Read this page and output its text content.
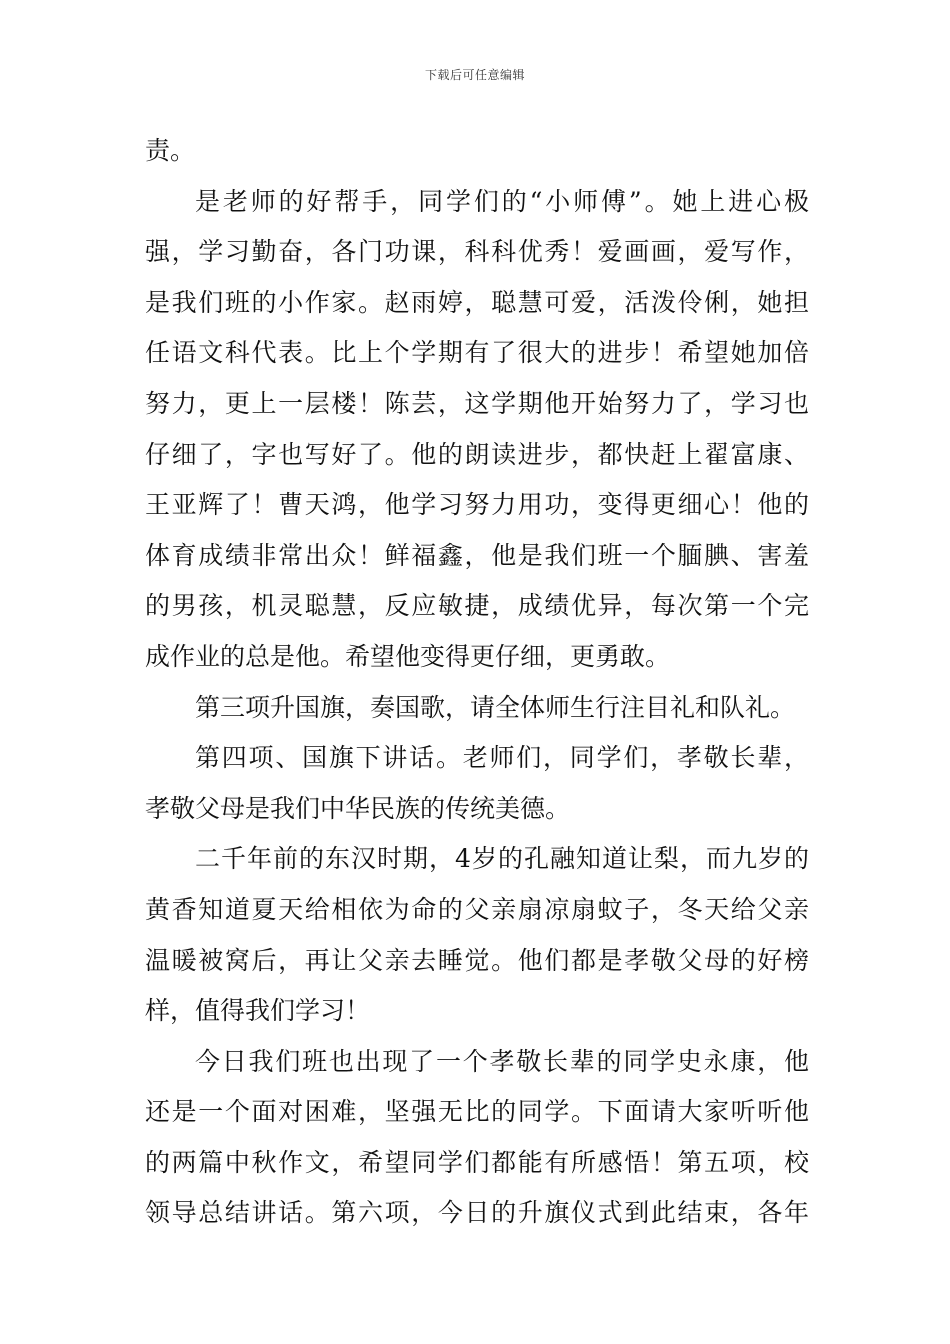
下载后可任意编辑
责。
是老师的好帮手，同学们的“小师傅”。她上进心极
强，学习勤奋，各门功课，科科优秀！爱画画，爱写作，
是我们班的小作家。赵雨婷，聪慧可爱，活泼伶俐，她担
任语文科代表。比上个学期有了很大的进步！希望她加倍
努力，更上一层楼！陈芸，这学期他开始努力了，学习也
仔细了，字也写好了。他的朗读进步，都快赶上翟富康、
王亚辉了！曹天鸿，他学习努力用功，变得更细心！他的
体育成绩非常出众！鲜福鑫，他是我们班一个腼腆、害羞
的男孩，机灵聪慧，反应敏捷，成绩优异，每次第一个完
成作业的总是他。希望他变得更仔细，更勇敢。
第三项升国旗，奏国歌，请全体师生行注目礼和队礼。
第四项、国旗下讲话。老师们，同学们，孝敬长辈，
孝敬父母是我们中华民族的传统美德。
二千年前的东汉时期，4岁的孔融知道让梨，而九岁的
黄香知道夏天给相依为命的父亲扇凉扇蚊子，冬天给父亲
温暖被窝后，再让父亲去睡觉。他们都是孝敬父母的好榜
样，值得我们学习！
今日我们班也出现了一个孝敬长辈的同学史永康，他
还是一个面对困难，坚强无比的同学。下面请大家听听他
的两篇中秋作文，希望同学们都能有所感悟！第五项，校
领导总结讲话。第六项，今日的升旗仪式到此结束，各年
